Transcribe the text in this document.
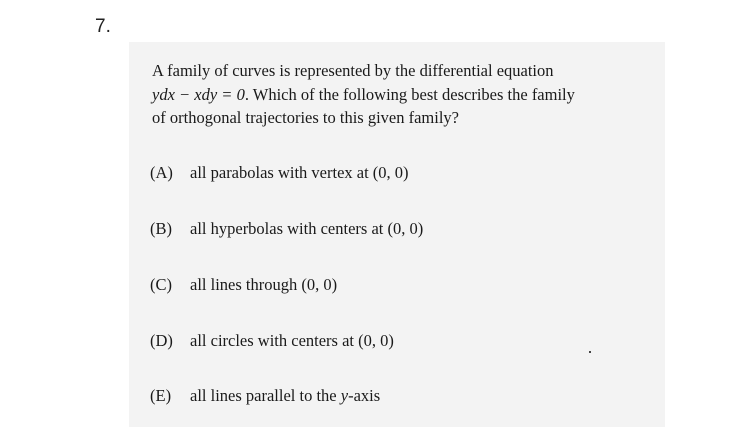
7.
A family of curves is represented by the differential equation
ydx − xdy = 0. Which of the following best describes the family
of orthogonal trajectories to this given family?
(A) all parabolas with vertex at (0, 0)
(B) all hyperbolas with centers at (0, 0)
(C) all lines through (0, 0)
(D) all circles with centers at (0, 0)
(E) all lines parallel to the y-axis
